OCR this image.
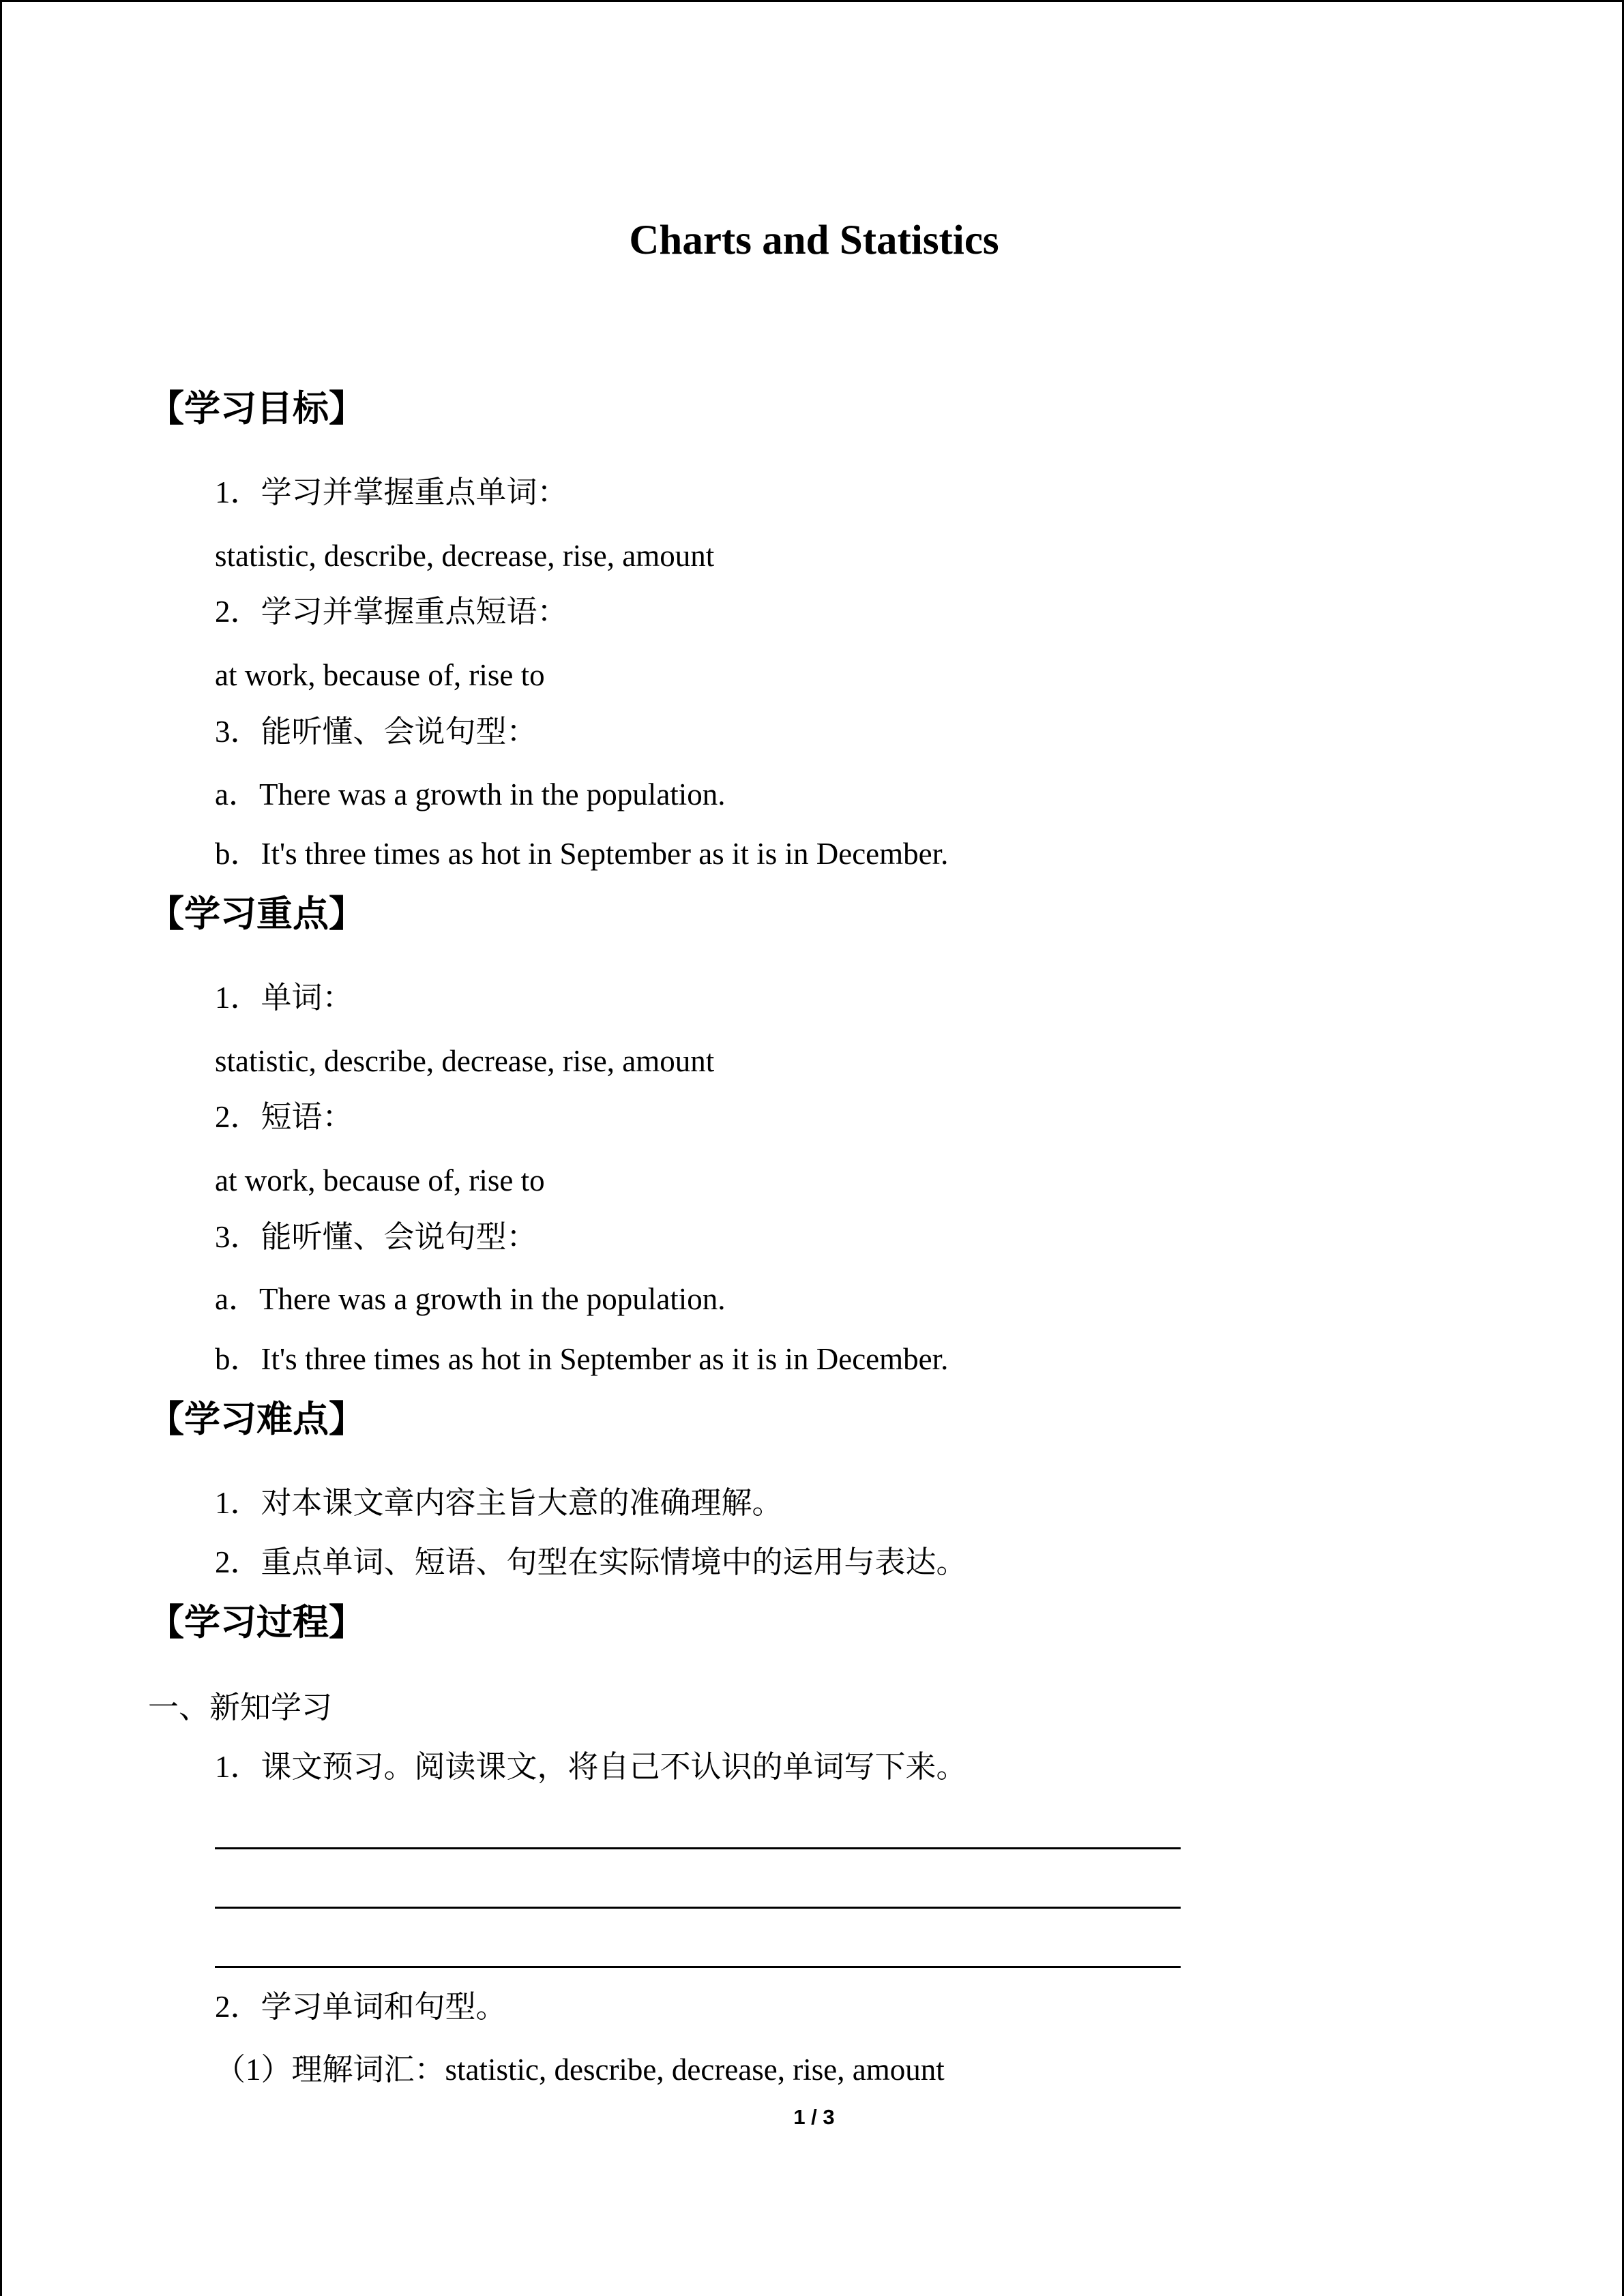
Charts and Statistics
【学习目标】
1．学习并掌握重点单词：
statistic, describe, decrease, rise, amount
2．学习并掌握重点短语：
at work, because of, rise to
3．能听懂、会说句型：
a．There was a growth in the population.
b．It's three times as hot in September as it is in December.
【学习重点】
1．单词：
statistic, describe, decrease, rise, amount
2．短语：
at work, because of, rise to
3．能听懂、会说句型：
a．There was a growth in the population.
b．It's three times as hot in September as it is in December.
【学习难点】
1．对本课文章内容主旨大意的准确理解。
2．重点单词、短语、句型在实际情境中的运用与表达。
【学习过程】
一、新知学习
1．课文预习。阅读课文，将自己不认识的单词写下来。
2．学习单词和句型。
（1）理解词汇：statistic, describe, decrease, rise, amount
1 / 3
